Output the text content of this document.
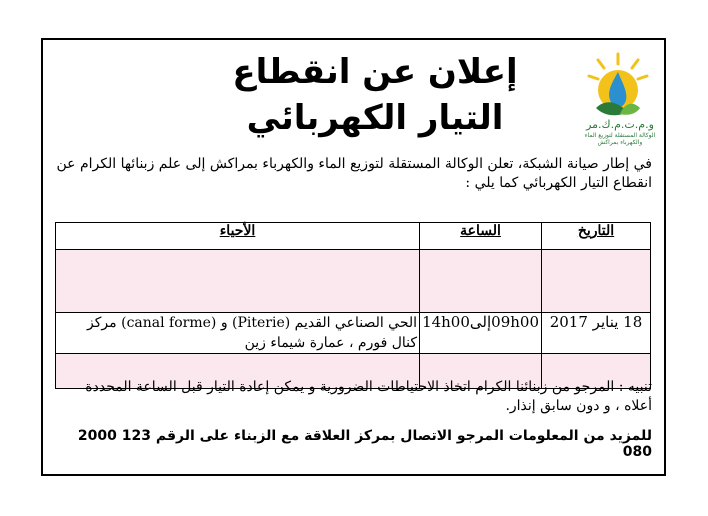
إعلان عن انقطاع
التيار الكهربائي	و.م.ت.م.ك.مر
الوكالة المستقلة لتوزيع الماء والكهرباء بمراكش
في إطار صيانة الشبكة، تعلن الوكالة المستقلة لتوزيع الماء والكهرباء بمراكش إلى علم زبنائها الكرام عن انقطاع التيار الكهربائي كما يلي :
التاريخ	الساعة	الأحياء

18 يناير 2017	09h00إلى14h00	الحي الصناعي القديم (Piterie) و (canal forme) مركز كنال فورم ، عمارة شيماء زين

تنبيه : المرجو من زبنائنا الكرام اتخاذ الاحتياطات الضرورية و يمكن إعادة التيار قبل الساعة المحددة أعلاه ، و دون سابق إنذار.
للمزيد من المعلومات المرجو الاتصال بمركز العلاقة مع الزبناء على الرقم 123 2000 080
